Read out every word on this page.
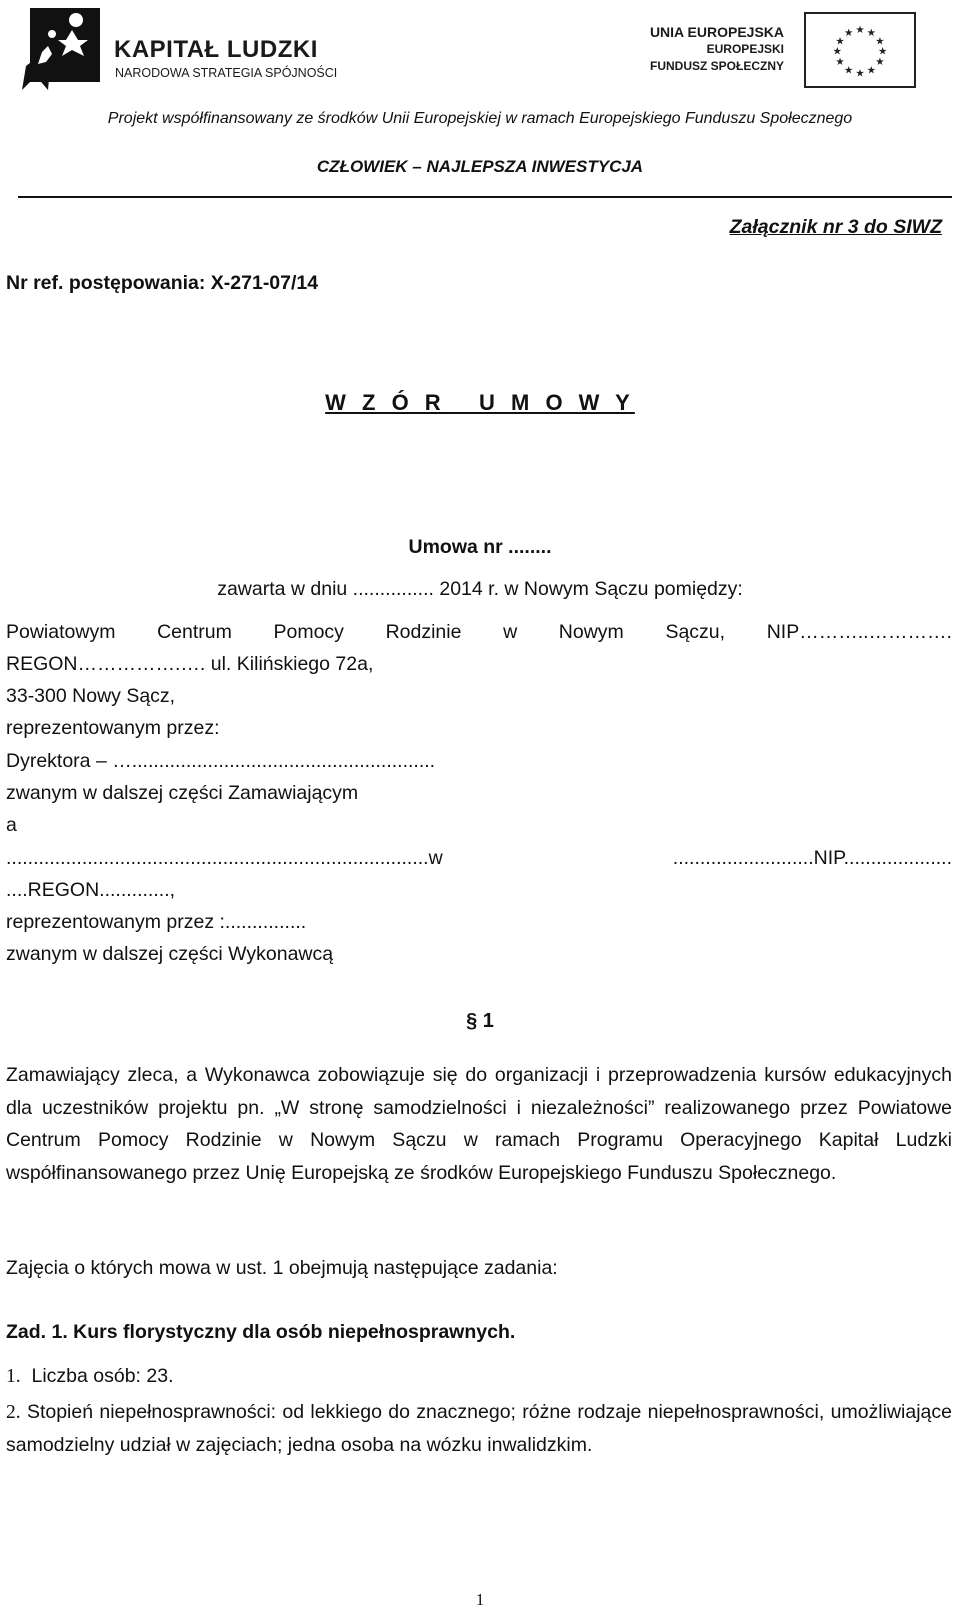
KAPITAŁ LUDZKI
NARODOWA STRATEGIA SPÓJNOŚCI
UNIA EUROPEJSKA
EUROPEJSKI
FUNDUSZ SPOŁECZNY
★ ★
★
★
★
★
★
★
★
★
★
★
Projekt współfinansowany ze środków Unii Europejskiej w ramach Europejskiego Funduszu Społecznego
CZŁOWIEK – NAJLEPSZA INWESTYCJA
Załącznik nr 3 do SIWZ
Nr ref. postępowania: X-271-07/14
W Z Ó R   U M O W Y
Umowa nr ........
zawarta w dniu ............... 2014 r. w Nowym Sączu pomiędzy:
Powiatowym Centrum Pomocy Rodzinie w Nowym Sączu, NIP………..………….
REGON…………….…. ul. Kilińskiego 72a,
33-300 Nowy Sącz,
reprezentowanym przez:
Dyrektora – …........................................................
zwanym w dalszej części Zamawiającym
a
..............................................................................w	..........................NIP....................
....REGON.............,
reprezentowanym przez :...............
zwanym w dalszej części Wykonawcą
§ 1
Zamawiający zleca, a Wykonawca zobowiązuje się do organizacji i przeprowadzenia kursów edukacyjnych dla uczestników projektu pn. „W stronę samodzielności i niezależności” realizowanego przez Powiatowe Centrum Pomocy Rodzinie w Nowym Sączu w ramach Programu Operacyjnego Kapitał Ludzki współfinansowanego przez Unię Europejską ze środków Europejskiego Funduszu Społecznego.
Zajęcia o których mowa w ust. 1 obejmują następujące zadania:
Zad. 1. Kurs florystyczny dla osób niepełnosprawnych.
1. Liczba osób: 23.
2. Stopień niepełnosprawności: od lekkiego do znacznego; różne rodzaje niepełnosprawności, umożliwiające samodzielny udział w zajęciach; jedna osoba na wózku inwalidzkim.
1
